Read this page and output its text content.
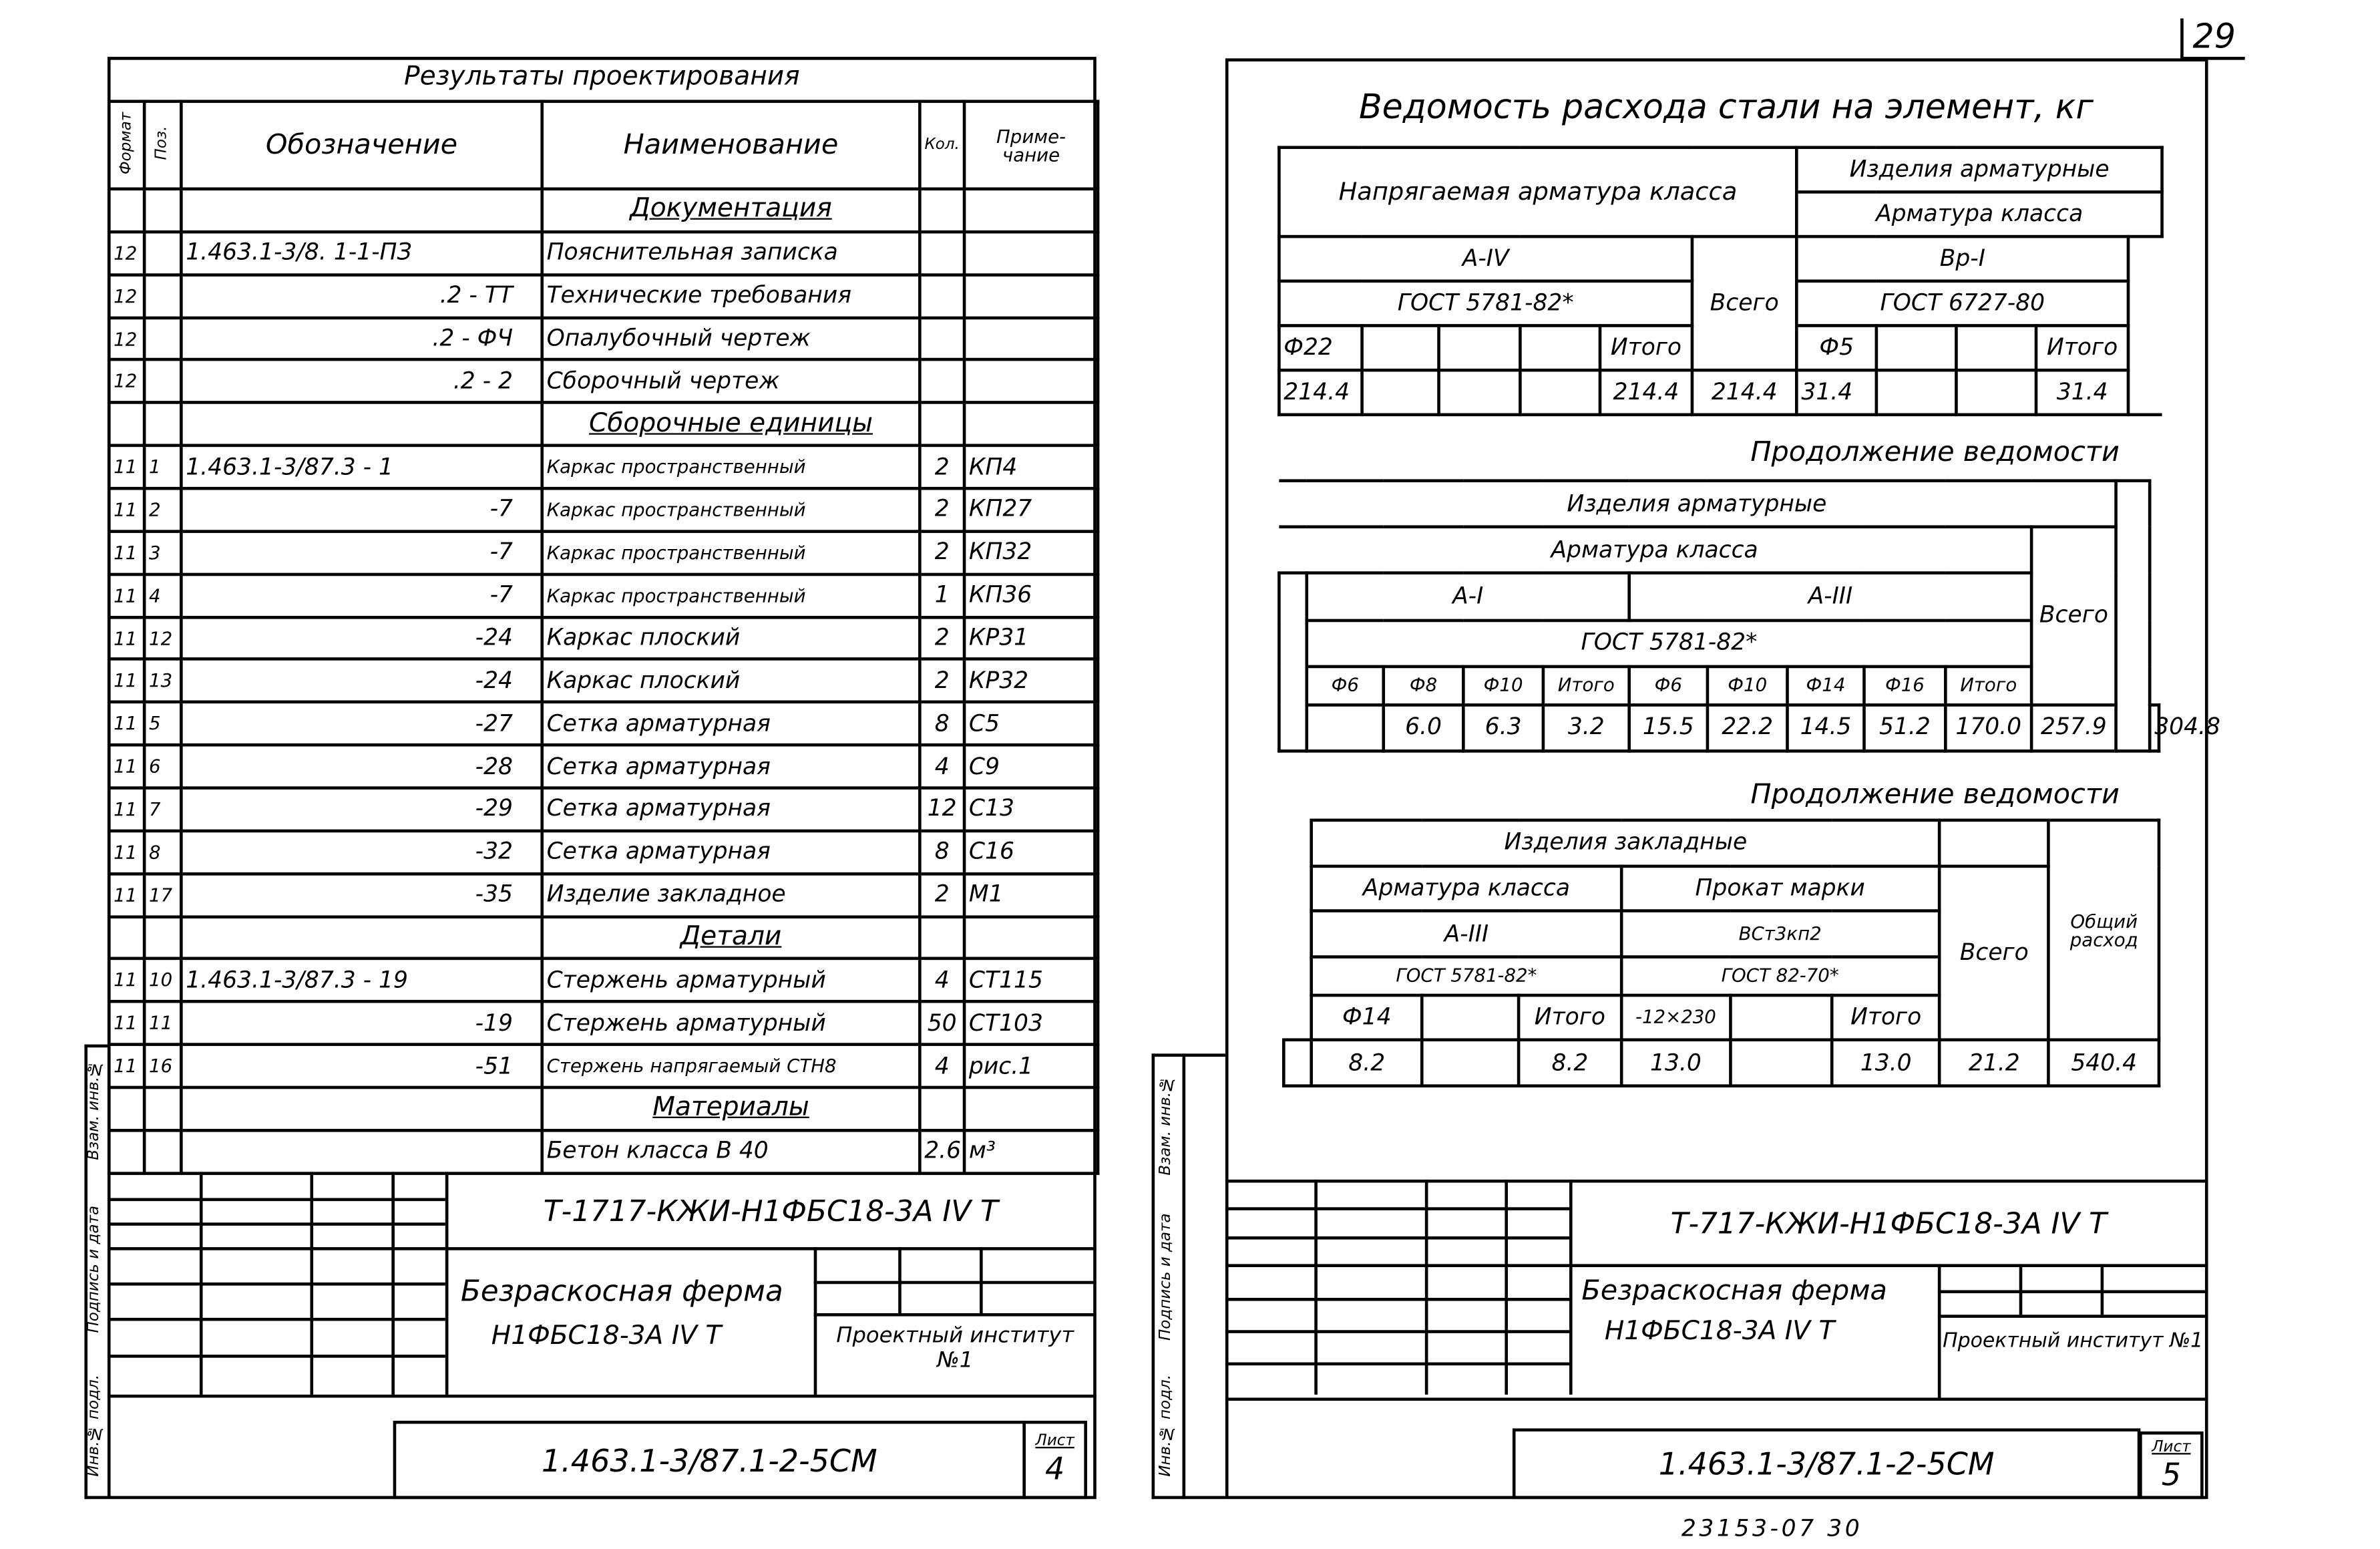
Результаты проектирования
Формат	Поз.	Обозначение	Наименование	Кол.	Приме-чание
			Документация		
12		1.463.1-3/8. 1-1-ПЗ	Пояснительная записка		
12		.2 - ТТ	Технические требования		
12		.2 - ФЧ	Опалубочный чертеж		
12		.2 - 2	Сборочный чертеж		
			Сборочные единицы		
11	1	1.463.1-3/87.3 - 1	Каркас пространственный	2	КП4
11	2	-7	Каркас пространственный	2	КП27
11	3	-7	Каркас пространственный	2	КП32
11	4	-7	Каркас пространственный	1	КП36
11	12	-24	Каркас плоский	2	КР31
11	13	-24	Каркас плоский	2	КР32
11	5	-27	Сетка арматурная	8	С5
11	6	-28	Сетка арматурная	4	С9
11	7	-29	Сетка арматурная	12	С13
11	8	-32	Сетка арматурная	8	С16
11	17	-35	Изделие закладное	2	М1
			Детали		
11	10	1.463.1-3/87.3 - 19	Стержень арматурный	4	СТ115
11	11	-19	Стержень арматурный	50	СТ103
11	16	-51	Стержень напрягаемый СТН8	4	рис.1
			Материалы		
			Бетон класса В 40	2.6	м³
Т-1717-КЖИ-Н1ФБС18-3А IV Т
Безраскосная ферма
Н1ФБС18-3А IV Т	Проектный институт №1
1.463.1-3/87.1-2-5СМ	Лист
4
Инв.№ подл.
Подпись и дата
Взам. инв.№
29
Ведомость расхода стали на элемент, кг
Напрягаемая арматура класса						Изделия арматурные				
						Арматура класса				
А-IV					Всего	Вр-I				
ГОСТ 5781-82*						ГОСТ 6727-80				
Ф22				Итого		Ф5			Итого	
214.4				214.4	214.4	31.4			31.4	
Продолжение ведомости
Изделия арматурные												
Арматура класса										Всего		
	А-I				А-III							
	ГОСТ 5781-82*											
	Ф6	Ф8	Ф10	Итого	Ф6	Ф10	Ф14	Ф16	Итого			
		6.0	6.3	3.2	15.5	22.2	14.5	51.2	170.0	257.9		304.8
Продолжение ведомости
	Изделия закладные							Общий расход
	Арматура класса			Прокат марки			Всего	
	А-III			ВСт3кп2				
	ГОСТ 5781-82*			ГОСТ 82-70*				
	Ф14		Итого	-12×230		Итого		
	8.2		8.2	13.0		13.0	21.2	540.4
Т-717-КЖИ-Н1ФБС18-3А IV Т
Безраскосная ферма
Н1ФБС18-3А IV Т	Проектный институт №1
1.463.1-3/87.1-2-5СМ	Лист
5
Инв.№ подл.
Подпись и дата
Взам. инв.№
23153-07 30
